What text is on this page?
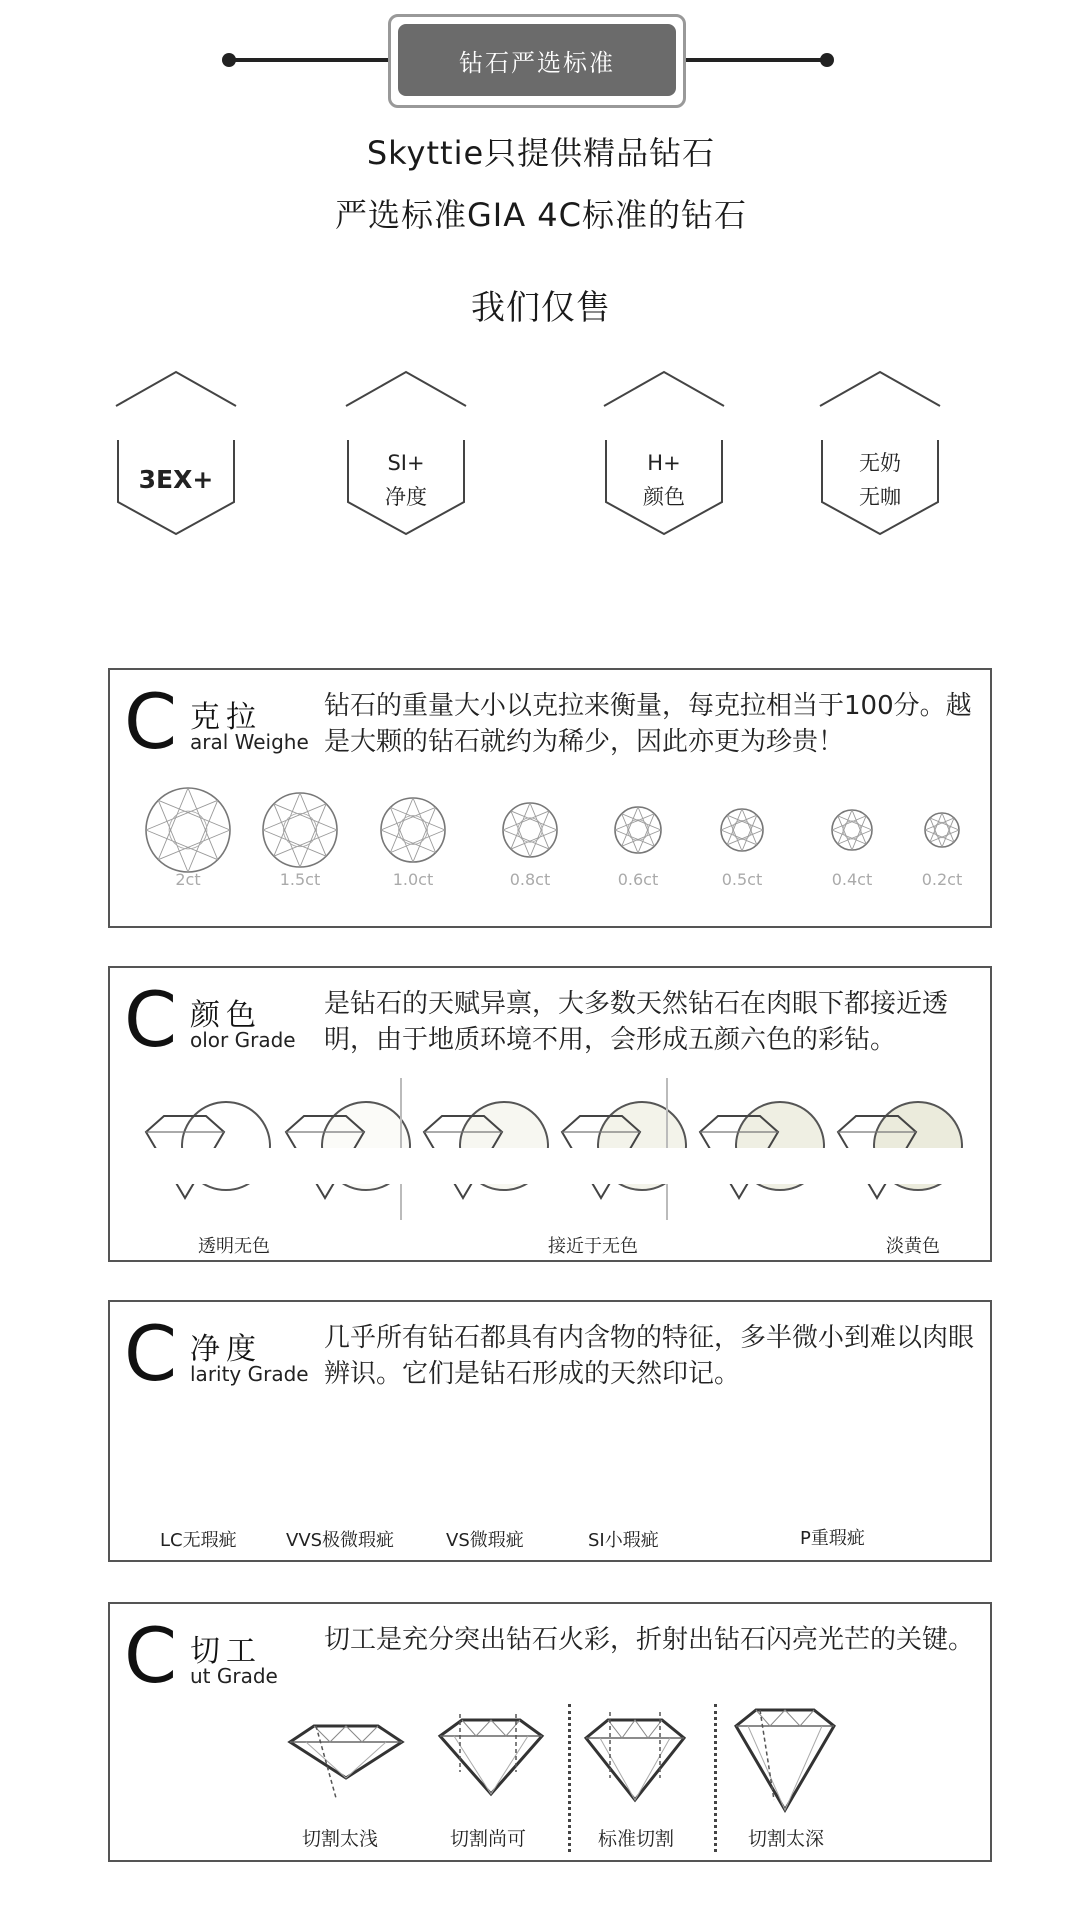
钻石严选标准
Skyttie只提供精品钻石
严选标准GIA 4C标准的钻石
我们仅售
3EX+
SI+
净度
H+
颜色
无奶
无咖
C 克拉
aral Weighe
钻石的重量大小以克拉来衡量，每克拉相当于100分。越是大颗的钻石就约为稀少，因此亦更为珍贵！
2ct	1.5ct	1.0ct	0.8ct	0.6ct	0.5ct	0.4ct	0.2ct
C 颜色
olor Grade
是钻石的天赋异禀，大多数天然钻石在肉眼下都接近透明，由于地质环境不用，会形成五颜六色的彩钻。
透明无色	接近于无色	淡黄色
C 净度
larity Grade
几乎所有钻石都具有内含物的特征，多半微小到难以肉眼辨识。它们是钻石形成的天然印记。
LC无瑕疵	VVS极微瑕疵	VS微瑕疵	SI小瑕疵	P重瑕疵
C 切工
ut Grade
切工是充分突出钻石火彩，折射出钻石闪亮光芒的关键。
切割太浅	切割尚可	标准切割	切割太深
